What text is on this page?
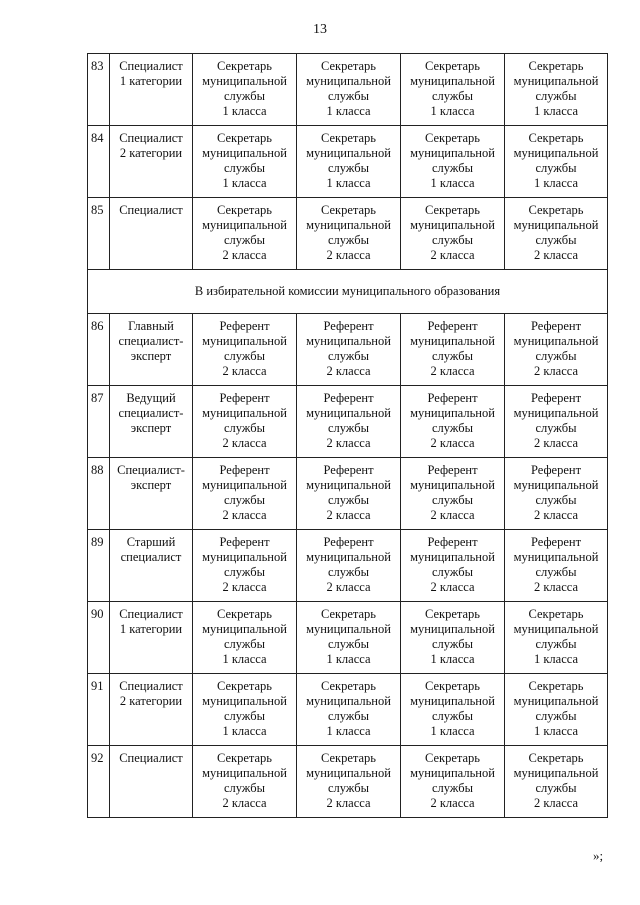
13
83	Специалист
1 категории	Секретарь
муниципальной
службы
1 класса	Секретарь
муниципальной
службы
1 класса	Секретарь
муниципальной
службы
1 класса	Секретарь
муниципальной
службы
1 класса

84	Специалист
2 категории	Секретарь
муниципальной
службы
1 класса	Секретарь
муниципальной
службы
1 класса	Секретарь
муниципальной
службы
1 класса	Секретарь
муниципальной
службы
1 класса

85	Специалист	Секретарь
муниципальной
службы
2 класса	Секретарь
муниципальной
службы
2 класса	Секретарь
муниципальной
службы
2 класса	Секретарь
муниципальной
службы
2 класса

В избирательной комиссии муниципального образования					
86	Главный
специалист-
эксперт	Референт
муниципальной
службы
2 класса	Референт
муниципальной
службы
2 класса	Референт
муниципальной
службы
2 класса	Референт
муниципальной
службы
2 класса

87	Ведущий
специалист-
эксперт	Референт
муниципальной
службы
2 класса	Референт
муниципальной
службы
2 класса	Референт
муниципальной
службы
2 класса	Референт
муниципальной
службы
2 класса

88	Специалист-
эксперт	Референт
муниципальной
службы
2 класса	Референт
муниципальной
службы
2 класса	Референт
муниципальной
службы
2 класса	Референт
муниципальной
службы
2 класса

89	Старший
специалист	Референт
муниципальной
службы
2 класса	Референт
муниципальной
службы
2 класса	Референт
муниципальной
службы
2 класса	Референт
муниципальной
службы
2 класса

90	Специалист
1 категории	Секретарь
муниципальной
службы
1 класса	Секретарь
муниципальной
службы
1 класса	Секретарь
муниципальной
службы
1 класса	Секретарь
муниципальной
службы
1 класса

91	Специалист
2 категории	Секретарь
муниципальной
службы
1 класса	Секретарь
муниципальной
службы
1 класса	Секретарь
муниципальной
службы
1 класса	Секретарь
муниципальной
службы
1 класса

92	Специалист	Секретарь
муниципальной
службы
2 класса	Секретарь
муниципальной
службы
2 класса	Секретарь
муниципальной
службы
2 класса	Секретарь
муниципальной
службы
2 класса
»;
